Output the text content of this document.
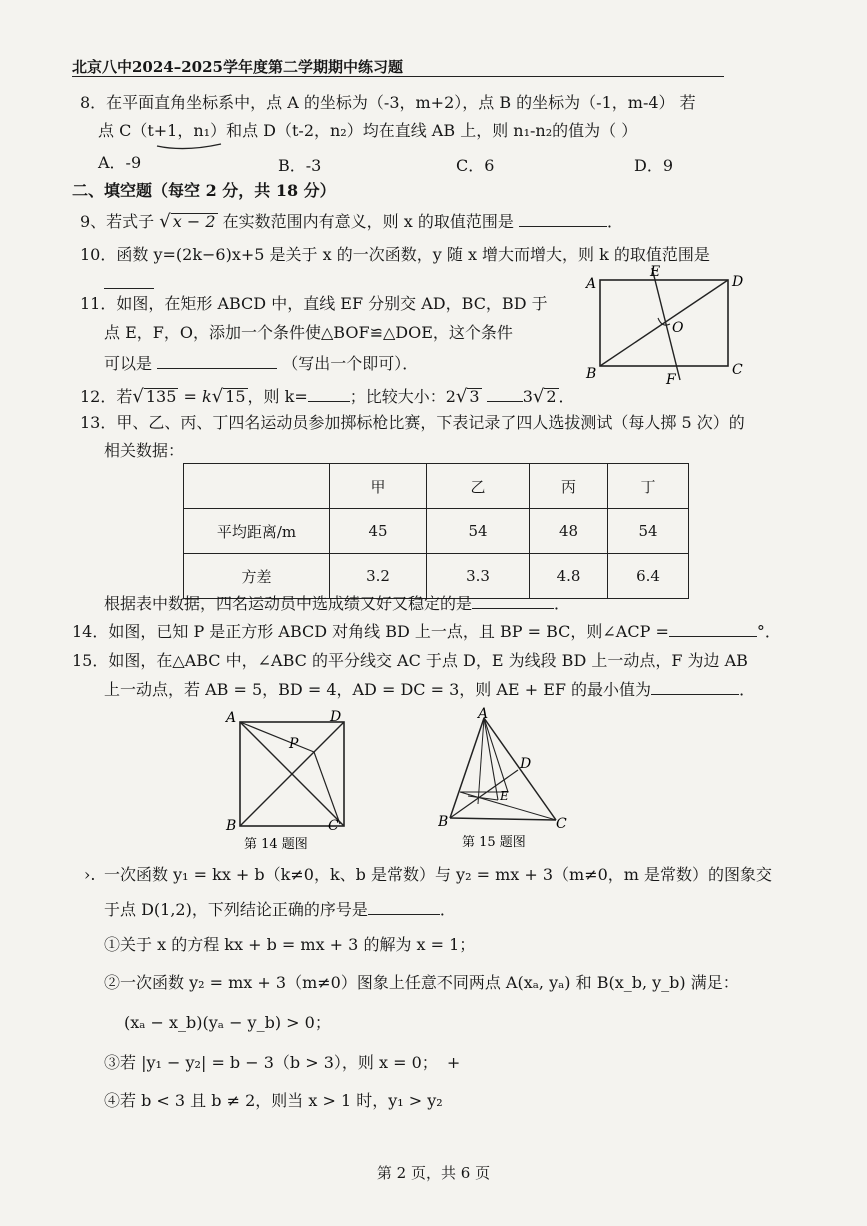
北京八中2024–2025学年度第二学期期中练习题
8．在平面直角坐标系中，点 A 的坐标为（-3，m+2），点 B 的坐标为（-1，m-4） 若
点 C（t+1，n₁）和点 D（t-2，n₂）均在直线 AB 上，则 n₁-n₂的值为（ ）
A．-9	B．-3	C．6	D．9
二、填空题（每空 2 分，共 18 分）
9、若式子 √ x − 2 在实数范围内有意义，则 x 的取值范围是	．
10．函数 y=(2k−6)x+5 是关于 x 的一次函数，y 随 x 增大而增大，则 k 的取值范围是
11．如图，在矩形 ABCD 中，直线 EF 分别交 AD，BC，BD 于
点 E，F，O，添加一个条件使△BOF≌△DOE，这个条件
可以是	（写出一个即可）．
A
E
D
O
B	F
C
12．若√ 135 = k√ 15 ，则 k=	；比较大小：2√ 3	3√ 2 ．
13．甲、乙、丙、丁四名运动员参加掷标枪比赛，下表记录了四人选拔测试（每人掷 5 次）的
相关数据：
	甲	乙	丙	丁
平均距离/m	45	54	48	54
方差	3.2	3.3	4.8	6.4
根据表中数据，四名运动员中选成绩又好又稳定的是	．
14．如图，已知 P 是正方形 ABCD 对角线 BD 上一点，且 BP = BC，则∠ACP =	°．
15．如图，在△ABC 中，∠ABC 的平分线交 AC 于点 D，E 为线段 BD 上一动点，F 为边 AB
上一动点，若 AB = 5，BD = 4，AD = DC = 3，则 AE + EF 的最小值为	．
A	D
P
B	C
第 14 题图
A
D
E
B	C
第 15 题图
›. 一次函数 y₁ = kx + b（k≠0，k、b 是常数）与 y₂ = mx + 3（m≠0，m 是常数）的图象交
于点 D(1,2)，下列结论正确的序号是	．
①关于 x 的方程 kx + b = mx + 3 的解为 x = 1；
②一次函数 y₂ = mx + 3（m≠0）图象上任意不同两点 A(xₐ, yₐ) 和 B(x_b, y_b) 满足：
(xₐ − x_b)(yₐ − y_b) > 0；
③若 |y₁ − y₂| = b − 3（b > 3），则 x = 0； +
④若 b < 3 且 b ≠ 2，则当 x > 1 时，y₁ > y₂
第 2 页，共 6 页
